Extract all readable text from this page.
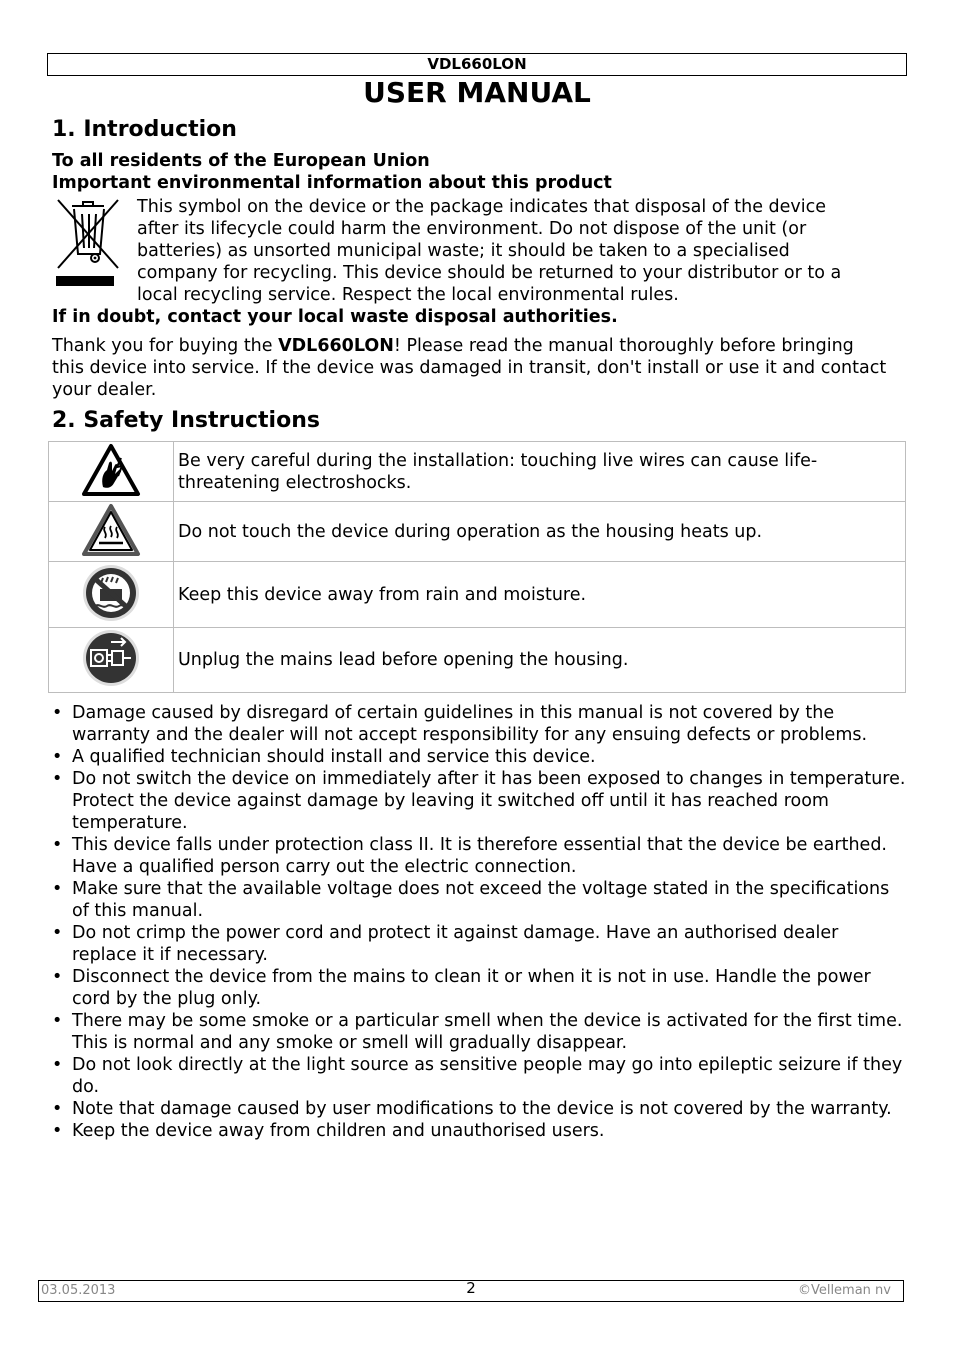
VDL660LON
USER MANUAL
1. Introduction

To all residents of the European Union

Important environmental information about this product

This symbol on the device or the package indicates that disposal of the device

after its lifecycle could harm the environment. Do not dispose of the unit (or

batteries) as unsorted municipal waste; it should be taken to a specialised

company for recycling. This device should be returned to your distributor or to a

local recycling service. Respect the local environmental rules.

If in doubt, contact your local waste disposal authorities.

Thank you for buying the VDL660LON! Please read the manual thoroughly before bringing

this device into service. If the device was damaged in transit, don't install or use it and contact

your dealer.

2. Safety Instructions
	Be very careful during the installation: touching live wires can cause life-threatening electroshocks.
	Do not touch the device during operation as the housing heats up.
	Keep this device away from rain and moisture.
	Unplug the mains lead before opening the housing.
• Damage caused by disregard of certain guidelines in this manual is not covered by the warranty and the dealer will not accept responsibility for any ensuing defects or problems.
• A qualified technician should install and service this device.
• Do not switch the device on immediately after it has been exposed to changes in temperature. Protect the device against damage by leaving it switched off until it has reached room temperature.
• This device falls under protection class II. It is therefore essential that the device be earthed. Have a qualified person carry out the electric connection.
• Make sure that the available voltage does not exceed the voltage stated in the specifications of this manual.
• Do not crimp the power cord and protect it against damage. Have an authorised dealer replace it if necessary.
• Disconnect the device from the mains to clean it or when it is not in use. Handle the power cord by the plug only.
• There may be some smoke or a particular smell when the device is activated for the first time. This is normal and any smoke or smell will gradually disappear.
• Do not look directly at the light source as sensitive people may go into epileptic seizure if they do.
• Note that damage caused by user modifications to the device is not covered by the warranty.
• Keep the device away from children and unauthorised users.
03.05.2013	2	©Velleman nv
